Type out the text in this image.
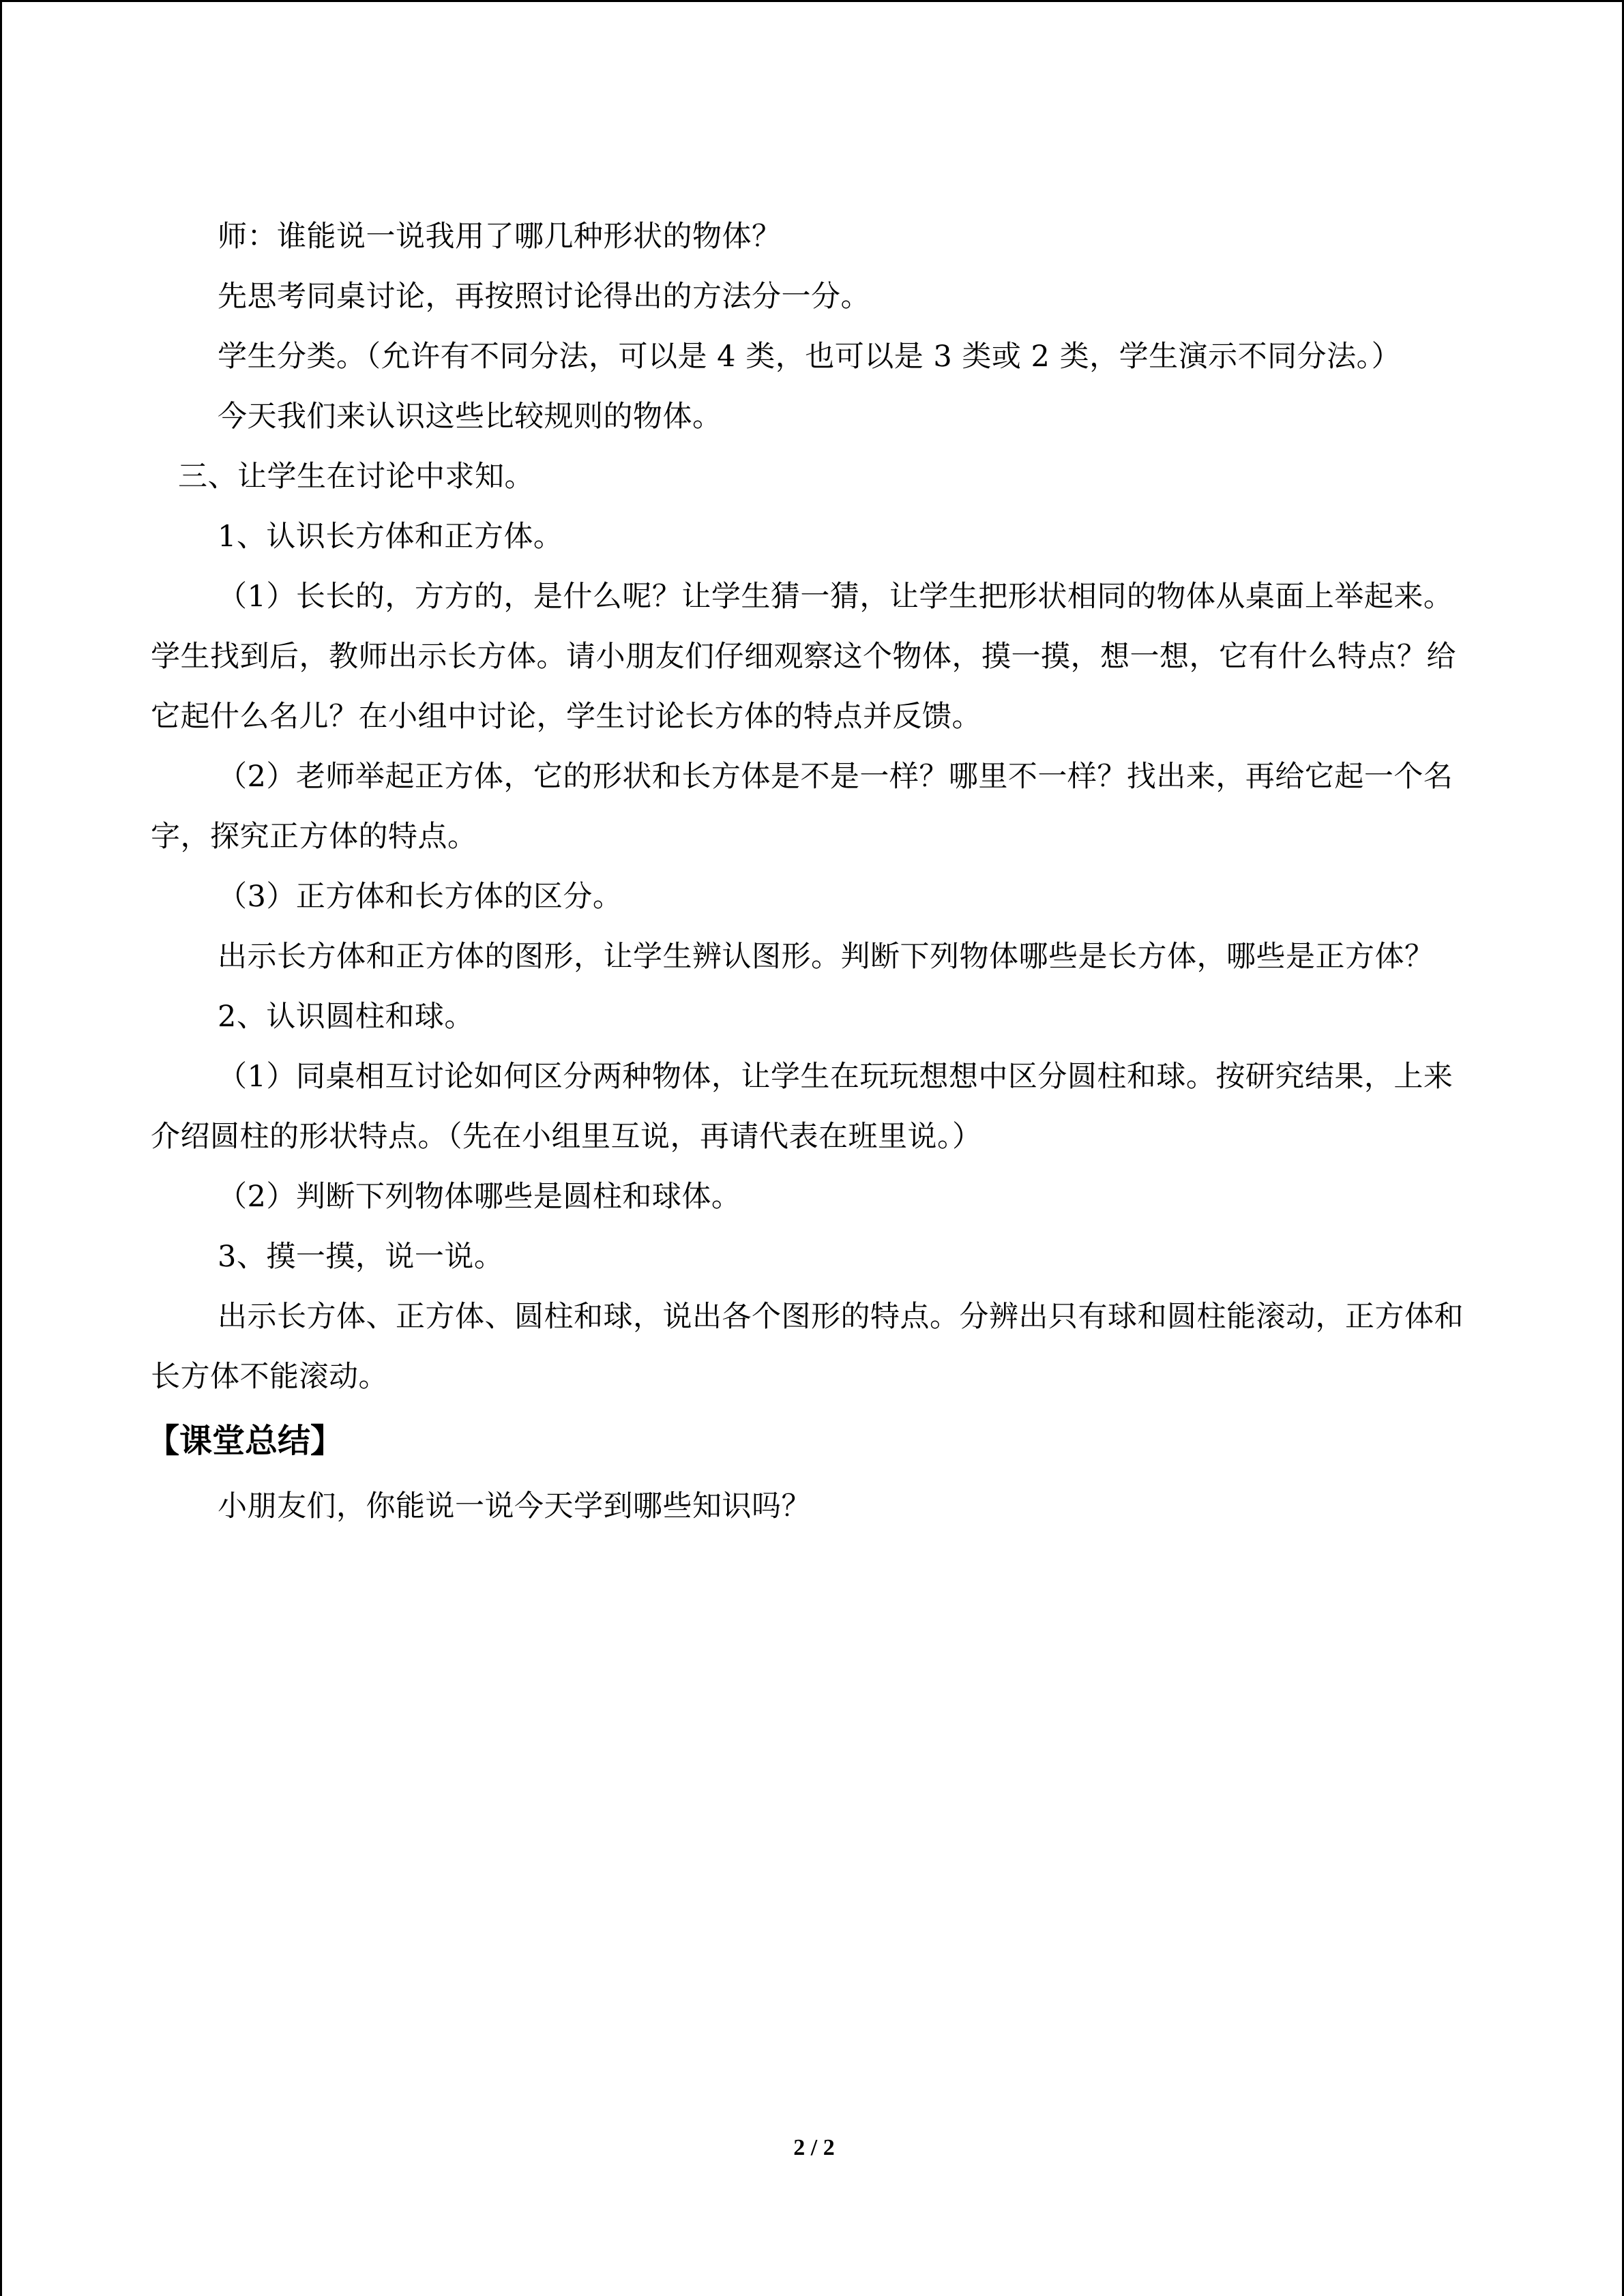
师：谁能说一说我用了哪几种形状的物体？

先思考同桌讨论，再按照讨论得出的方法分一分。

学生分类。（允许有不同分法，可以是 4 类，也可以是 3 类或 2 类，学生演示不同分法。）

今天我们来认识这些比较规则的物体。

三、让学生在讨论中求知。

1、认识长方体和正方体。

（1）长长的，方方的，是什么呢？让学生猜一猜，让学生把形状相同的物体从桌面上举起来。学生找到后，教师出示长方体。请小朋友们仔细观察这个物体，摸一摸，想一想，它有什么特点？给它起什么名儿？在小组中讨论，学生讨论长方体的特点并反馈。

（2）老师举起正方体，它的形状和长方体是不是一样？哪里不一样？找出来，再给它起一个名字，探究正方体的特点。

（3）正方体和长方体的区分。

出示长方体和正方体的图形，让学生辨认图形。判断下列物体哪些是长方体，哪些是正方体？

2、认识圆柱和球。

（1）同桌相互讨论如何区分两种物体，让学生在玩玩想想中区分圆柱和球。按研究结果，上来介绍圆柱的形状特点。（先在小组里互说，再请代表在班里说。）

（2）判断下列物体哪些是圆柱和球体。

3、摸一摸，说一说。

出示长方体、正方体、圆柱和球，说出各个图形的特点。分辨出只有球和圆柱能滚动，正方体和长方体不能滚动。

【课堂总结】

小朋友们，你能说一说今天学到哪些知识吗？

2 / 2
